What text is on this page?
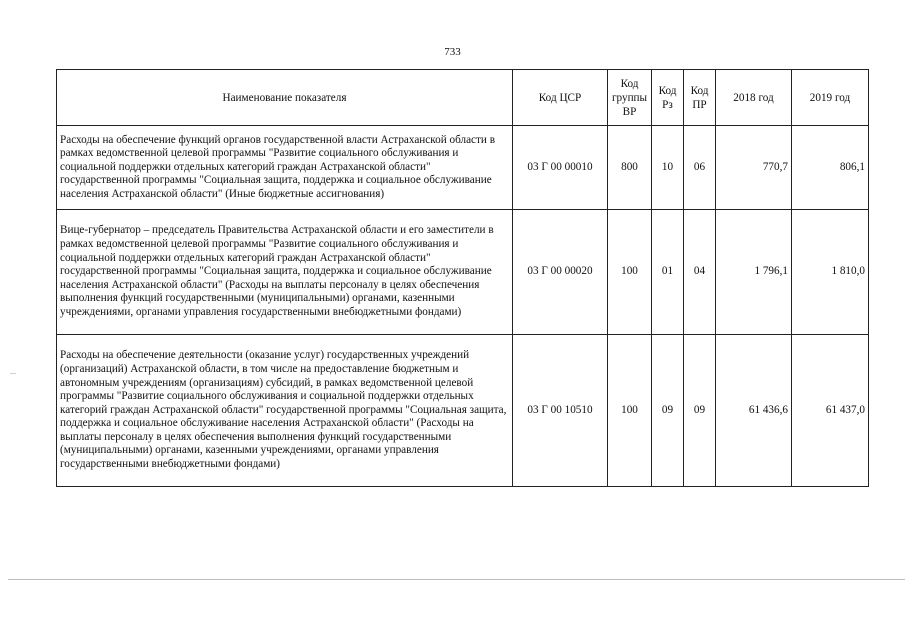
733
Наименование показателя	Код ЦСР	Код группы ВР	Код Рз	Код ПР	2018 год	2019 год
Расходы на обеспечение функций органов государственной власти Астраханской области в рамках ведомственной целевой программы "Развитие социального обслуживания и социальной поддержки отдельных категорий граждан Астраханской области" государственной программы "Социальная защита, поддержка и социальное обслуживание населения Астраханской области" (Иные бюджетные ассигнования)	03 Г 00 00010	800	10	06	770,7	806,1
Вице-губернатор – председатель Правительства Астраханской области и его заместители в рамках ведомственной целевой программы "Развитие социального обслуживания и социальной поддержки отдельных категорий граждан Астраханской области" государственной программы "Социальная защита, поддержка и социальное обслуживание населения Астраханской области" (Расходы на выплаты персоналу в целях обеспечения выполнения функций государственными (муниципальными) органами, казенными учреждениями, органами управления государственными внебюджетными фондами)	03 Г 00 00020	100	01	04	1 796,1	1 810,0
Расходы на обеспечение деятельности (оказание услуг) государственных учреждений (организаций) Астраханской области, в том числе на предоставление бюджетным и автономным учреждениям (организациям) субсидий, в рамках ведомственной целевой программы "Развитие социального обслуживания и социальной поддержки отдельных категорий граждан Астраханской области" государственной программы "Социальная защита, поддержка и социальное обслуживание населения Астраханской области" (Расходы на выплаты персоналу в целях обеспечения выполнения функций государственными (муниципальными) органами, казенными учреждениями, органами управления государственными внебюджетными фондами)	03 Г 00 10510	100	09	09	61 436,6	61 437,0
